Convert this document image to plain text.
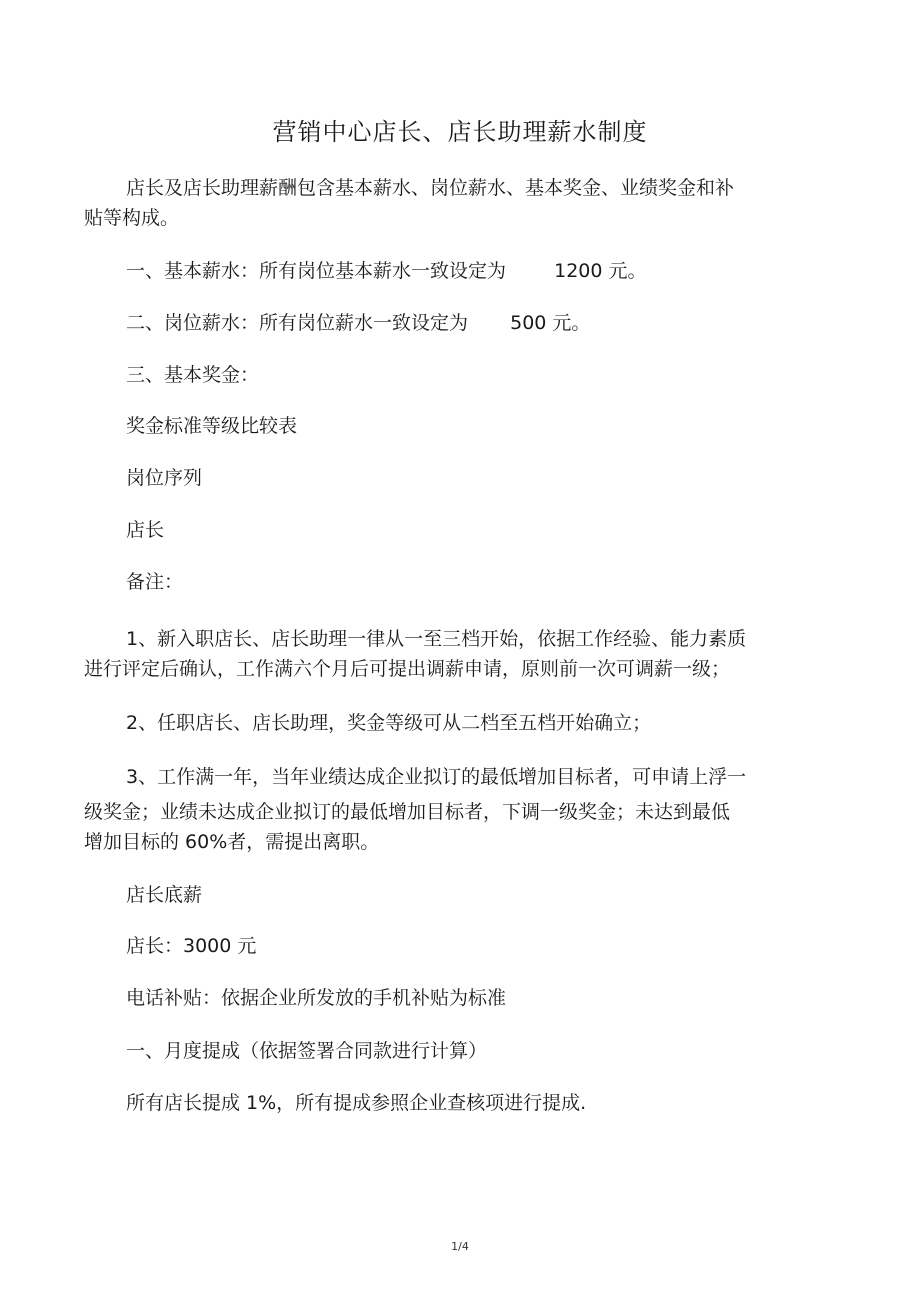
营销中心店长、店长助理薪水制度

店长及店长助理薪酬包含基本薪水、岗位薪水、基本奖金、业绩奖金和补

贴等构成。

一、基本薪水：所有岗位基本薪水一致设定为	1200 元。

二、岗位薪水：所有岗位薪水一致设定为 500 元。

三、基本奖金：

奖金标准等级比较表

岗位序列

店长

备注：

1、新入职店长、店长助理一律从一至三档开始，依据工作经验、能力素质

进行评定后确认，工作满六个月后可提出调薪申请，原则前一次可调薪一级；

2、任职店长、店长助理，奖金等级可从二档至五档开始确立；

3、工作满一年，当年业绩达成企业拟订的最低增加目标者，可申请上浮一

级奖金；业绩未达成企业拟订的最低增加目标者，下调一级奖金；未达到最低

增加目标的 60%者，需提出离职。

店长底薪

店长：3000 元

电话补贴：依据企业所发放的手机补贴为标准

一、月度提成（依据签署合同款进行计算）

所有店长提成 1%，所有提成参照企业查核项进行提成.

1/4
